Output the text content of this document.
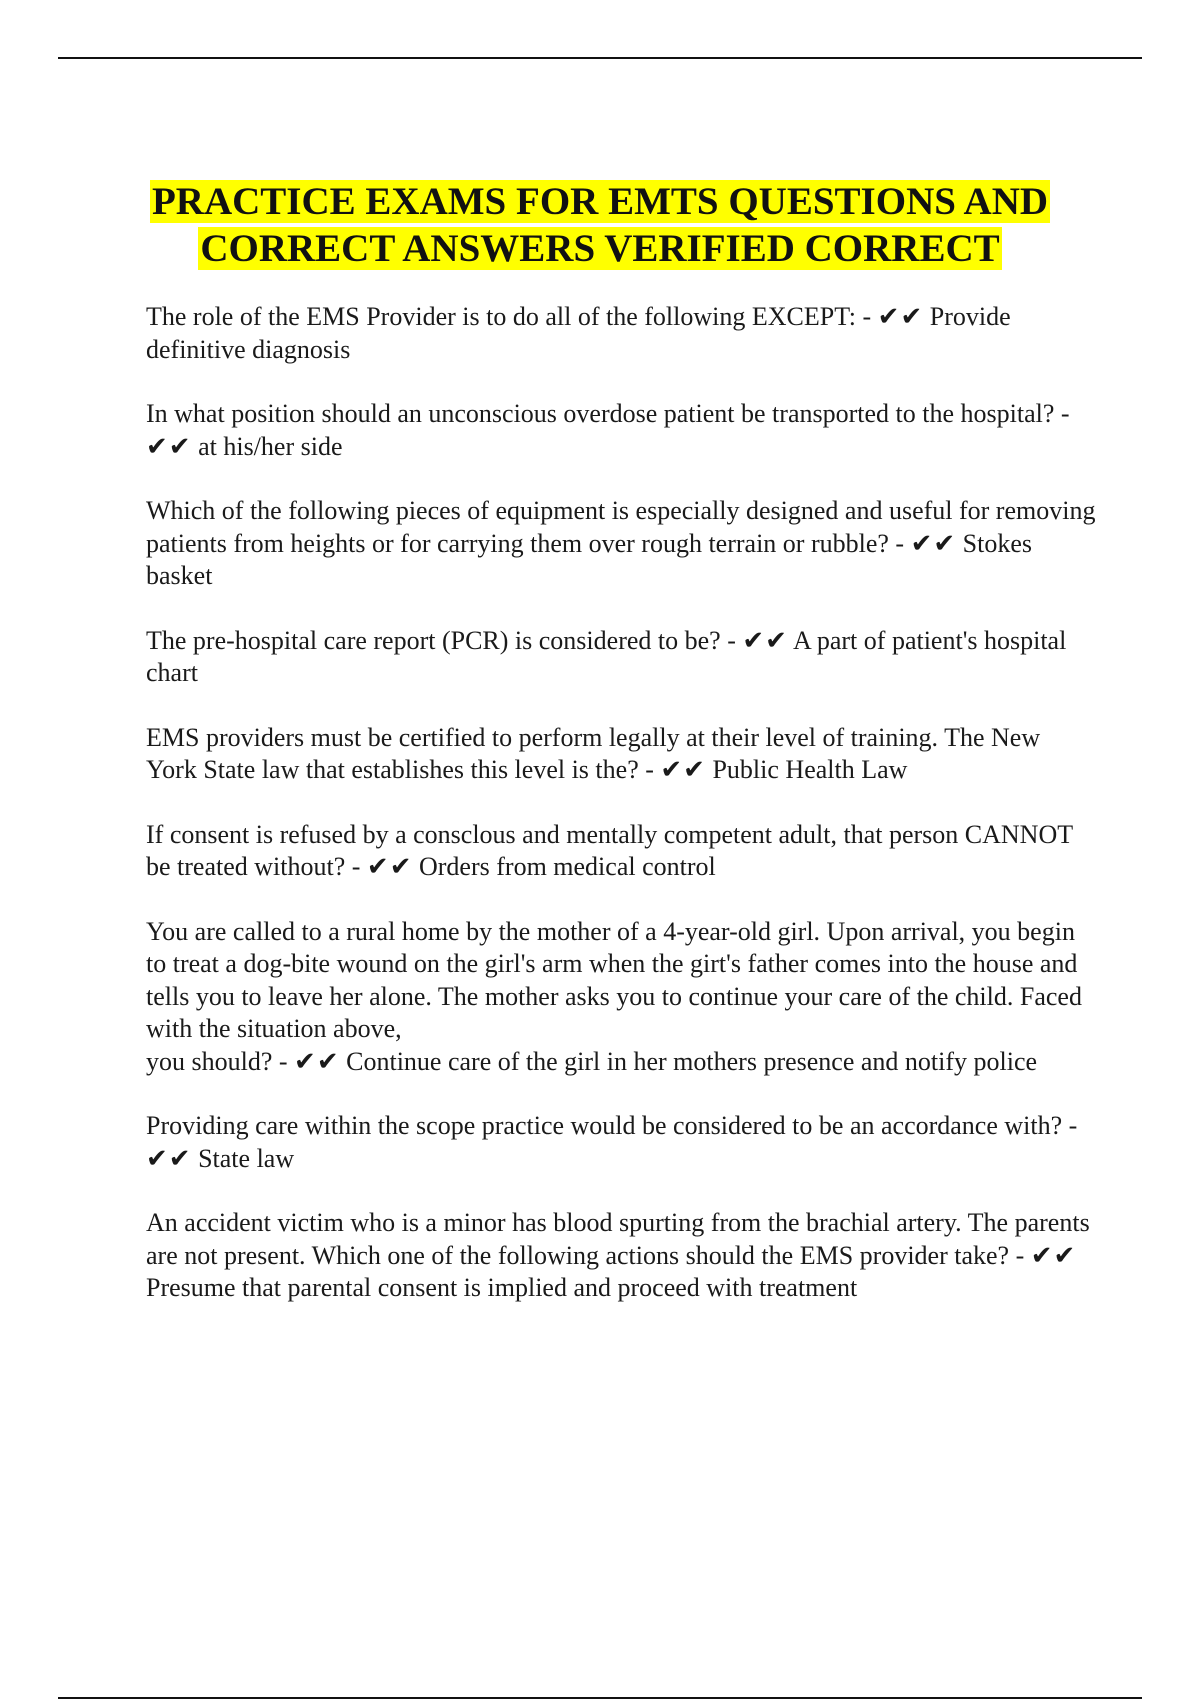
PRACTICE EXAMS FOR EMTS QUESTIONS AND CORRECT ANSWERS VERIFIED CORRECT
The role of the EMS Provider is to do all of the following EXCEPT: - ✔✔ Provide definitive diagnosis
In what position should an unconscious overdose patient be transported to the hospital? - ✔✔ at his/her side
Which of the following pieces of equipment is especially designed and useful for removing patients from heights or for carrying them over rough terrain or rubble? - ✔✔ Stokes basket
The pre-hospital care report (PCR) is considered to be? - ✔✔ A part of patient's hospital chart
EMS providers must be certified to perform legally at their level of training. The New York State law that establishes this level is the? - ✔✔ Public Health Law
If consent is refused by a consclous and mentally competent adult, that person CANNOT be treated without? - ✔✔ Orders from medical control
You are called to a rural home by the mother of a 4-year-old girl. Upon arrival, you begin to treat a dog-bite wound on the girl's arm when the girt's father comes into the house and tells you to leave her alone. The mother asks you to continue your care of the child. Faced with the situation above,
you should? - ✔✔ Continue care of the girl in her mothers presence and notify police
Providing care within the scope practice would be considered to be an accordance with? - ✔✔ State law
An accident victim who is a minor has blood spurting from the brachial artery. The parents are not present. Which one of the following actions should the EMS provider take? - ✔✔ Presume that parental consent is implied and proceed with treatment
